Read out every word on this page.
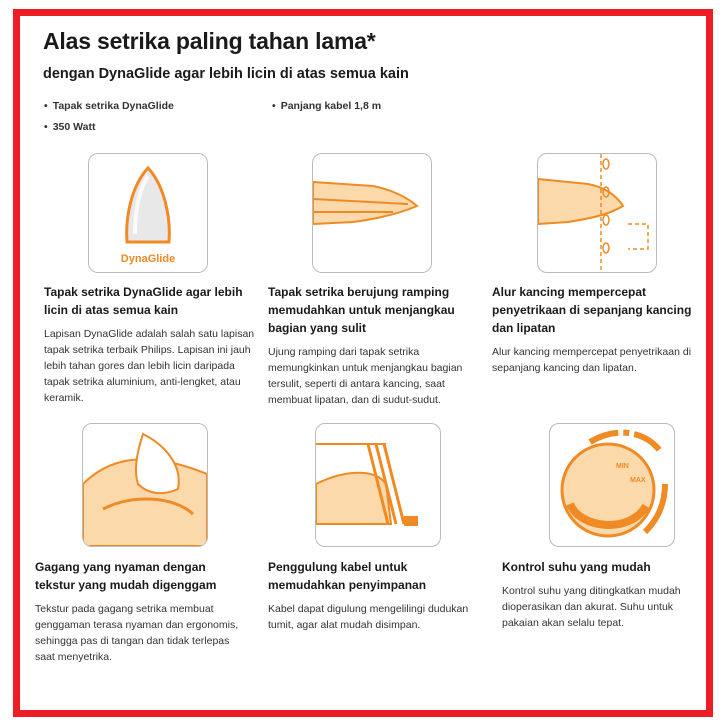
Alas setrika paling tahan lama*
dengan DynaGlide agar lebih licin di atas semua kain
• Tapak setrika DynaGlide
• 350 Watt
• Panjang kabel 1,8 m
DynaGlide
Tapak setrika DynaGlide agar lebih licin di atas semua kain
Lapisan DynaGlide adalah salah satu lapisan tapak setrika terbaik Philips. Lapisan ini jauh lebih tahan gores dan lebih licin daripada tapak setrika aluminium, anti-lengket, atau keramik.
Tapak setrika berujung ramping memudahkan untuk menjangkau bagian yang sulit
Ujung ramping dari tapak setrika memungkinkan untuk menjangkau bagian tersulit, seperti di antara kancing, saat membuat lipatan, dan di sudut-sudut.
Alur kancing mempercepat penyetrikaan di sepanjang kancing dan lipatan
Alur kancing mempercepat penyetrikaan di sepanjang kancing dan lipatan.
MIN
MAX
Gagang yang nyaman dengan tekstur yang mudah digenggam
Tekstur pada gagang setrika membuat genggaman terasa nyaman dan ergonomis, sehingga pas di tangan dan tidak terlepas saat menyetrika.
Penggulung kabel untuk memudahkan penyimpanan
Kabel dapat digulung mengelilingi dudukan tumit, agar alat mudah disimpan.
Kontrol suhu yang mudah
Kontrol suhu yang ditingkatkan mudah dioperasikan dan akurat. Suhu untuk pakaian akan selalu tepat.
